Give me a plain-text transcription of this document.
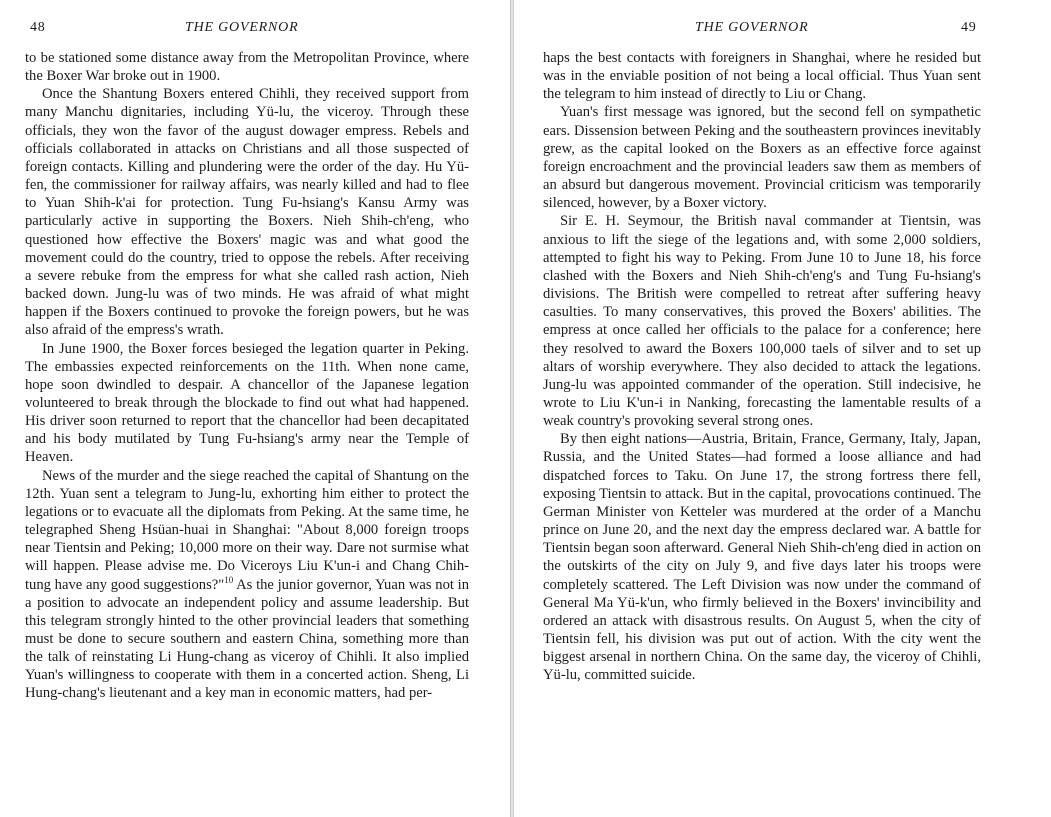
48	THE GOVERNOR

to be stationed some distance away from the Metropolitan Province, where the Boxer War broke out in 1900.

Once the Shantung Boxers entered Chihli, they received support from many Manchu dignitaries, including Yü-lu, the viceroy. Through these officials, they won the favor of the august dowager empress. Rebels and officials collaborated in attacks on Christians and all those suspected of foreign contacts. Killing and plundering were the order of the day. Hu Yü-fen, the commissioner for railway affairs, was nearly killed and had to flee to Yuan Shih-k'ai for protection. Tung Fu-hsiang's Kansu Army was particularly active in supporting the Boxers. Nieh Shih-ch'eng, who questioned how effective the Boxers' magic was and what good the movement could do the country, tried to oppose the rebels. After receiving a severe rebuke from the empress for what she called rash action, Nieh backed down. Jung-lu was of two minds. He was afraid of what might happen if the Boxers continued to provoke the foreign powers, but he was also afraid of the empress's wrath.

In June 1900, the Boxer forces besieged the legation quarter in Peking. The embassies expected reinforcements on the 11th. When none came, hope soon dwindled to despair. A chancellor of the Japanese legation volunteered to break through the blockade to find out what had happened. His driver soon returned to report that the chancellor had been decapitated and his body mutilated by Tung Fu-hsiang's army near the Temple of Heaven.

News of the murder and the siege reached the capital of Shantung on the 12th. Yuan sent a telegram to Jung-lu, exhorting him either to protect the legations or to evacuate all the diplomats from Peking. At the same time, he telegraphed Sheng Hsüan-huai in Shanghai: "About 8,000 foreign troops near Tientsin and Peking; 10,000 more on their way. Dare not surmise what will happen. Please advise me. Do Viceroys Liu K'un-i and Chang Chih-tung have any good suggestions?"$^{10}$ As the junior governor, Yuan was not in a position to advocate an independent policy and assume leadership. But this telegram strongly hinted to the other provincial leaders that something must be done to secure southern and eastern China, something more than the talk of reinstating Li Hung-chang as viceroy of Chihli. It also implied Yuan's willingness to cooperate with them in a concerted action. Sheng, Li Hung-chang's lieutenant and a key man in economic matters, had per-

THE GOVERNOR	49

haps the best contacts with foreigners in Shanghai, where he resided but was in the enviable position of not being a local official. Thus Yuan sent the telegram to him instead of directly to Liu or Chang.

Yuan's first message was ignored, but the second fell on sympathetic ears. Dissension between Peking and the southeastern provinces inevitably grew, as the capital looked on the Boxers as an effective force against foreign encroachment and the provincial leaders saw them as members of an absurd but dangerous movement. Provincial criticism was temporarily silenced, however, by a Boxer victory.

Sir E. H. Seymour, the British naval commander at Tientsin, was anxious to lift the siege of the legations and, with some 2,000 soldiers, attempted to fight his way to Peking. From June 10 to June 18, his force clashed with the Boxers and Nieh Shih-ch'eng's and Tung Fu-hsiang's divisions. The British were compelled to retreat after suffering heavy casulties. To many conservatives, this proved the Boxers' abilities. The empress at once called her officials to the palace for a conference; here they resolved to award the Boxers 100,000 taels of silver and to set up altars of worship everywhere. They also decided to attack the legations. Jung-lu was appointed commander of the operation. Still indecisive, he wrote to Liu K'un-i in Nanking, forecasting the lamentable results of a weak country's provoking several strong ones.

By then eight nations—Austria, Britain, France, Germany, Italy, Japan, Russia, and the United States—had formed a loose alliance and had dispatched forces to Taku. On June 17, the strong fortress there fell, exposing Tientsin to attack. But in the capital, provocations continued. The German Minister von Ketteler was murdered at the order of a Manchu prince on June 20, and the next day the empress declared war. A battle for Tientsin began soon afterward. General Nieh Shih-ch'eng died in action on the outskirts of the city on July 9, and five days later his troops were completely scattered. The Left Division was now under the command of General Ma Yü-k'un, who firmly believed in the Boxers' invincibility and ordered an attack with disastrous results. On August 5, when the city of Tientsin fell, his division was put out of action. With the city went the biggest arsenal in northern China. On the same day, the viceroy of Chihli, Yü-lu, committed suicide.
